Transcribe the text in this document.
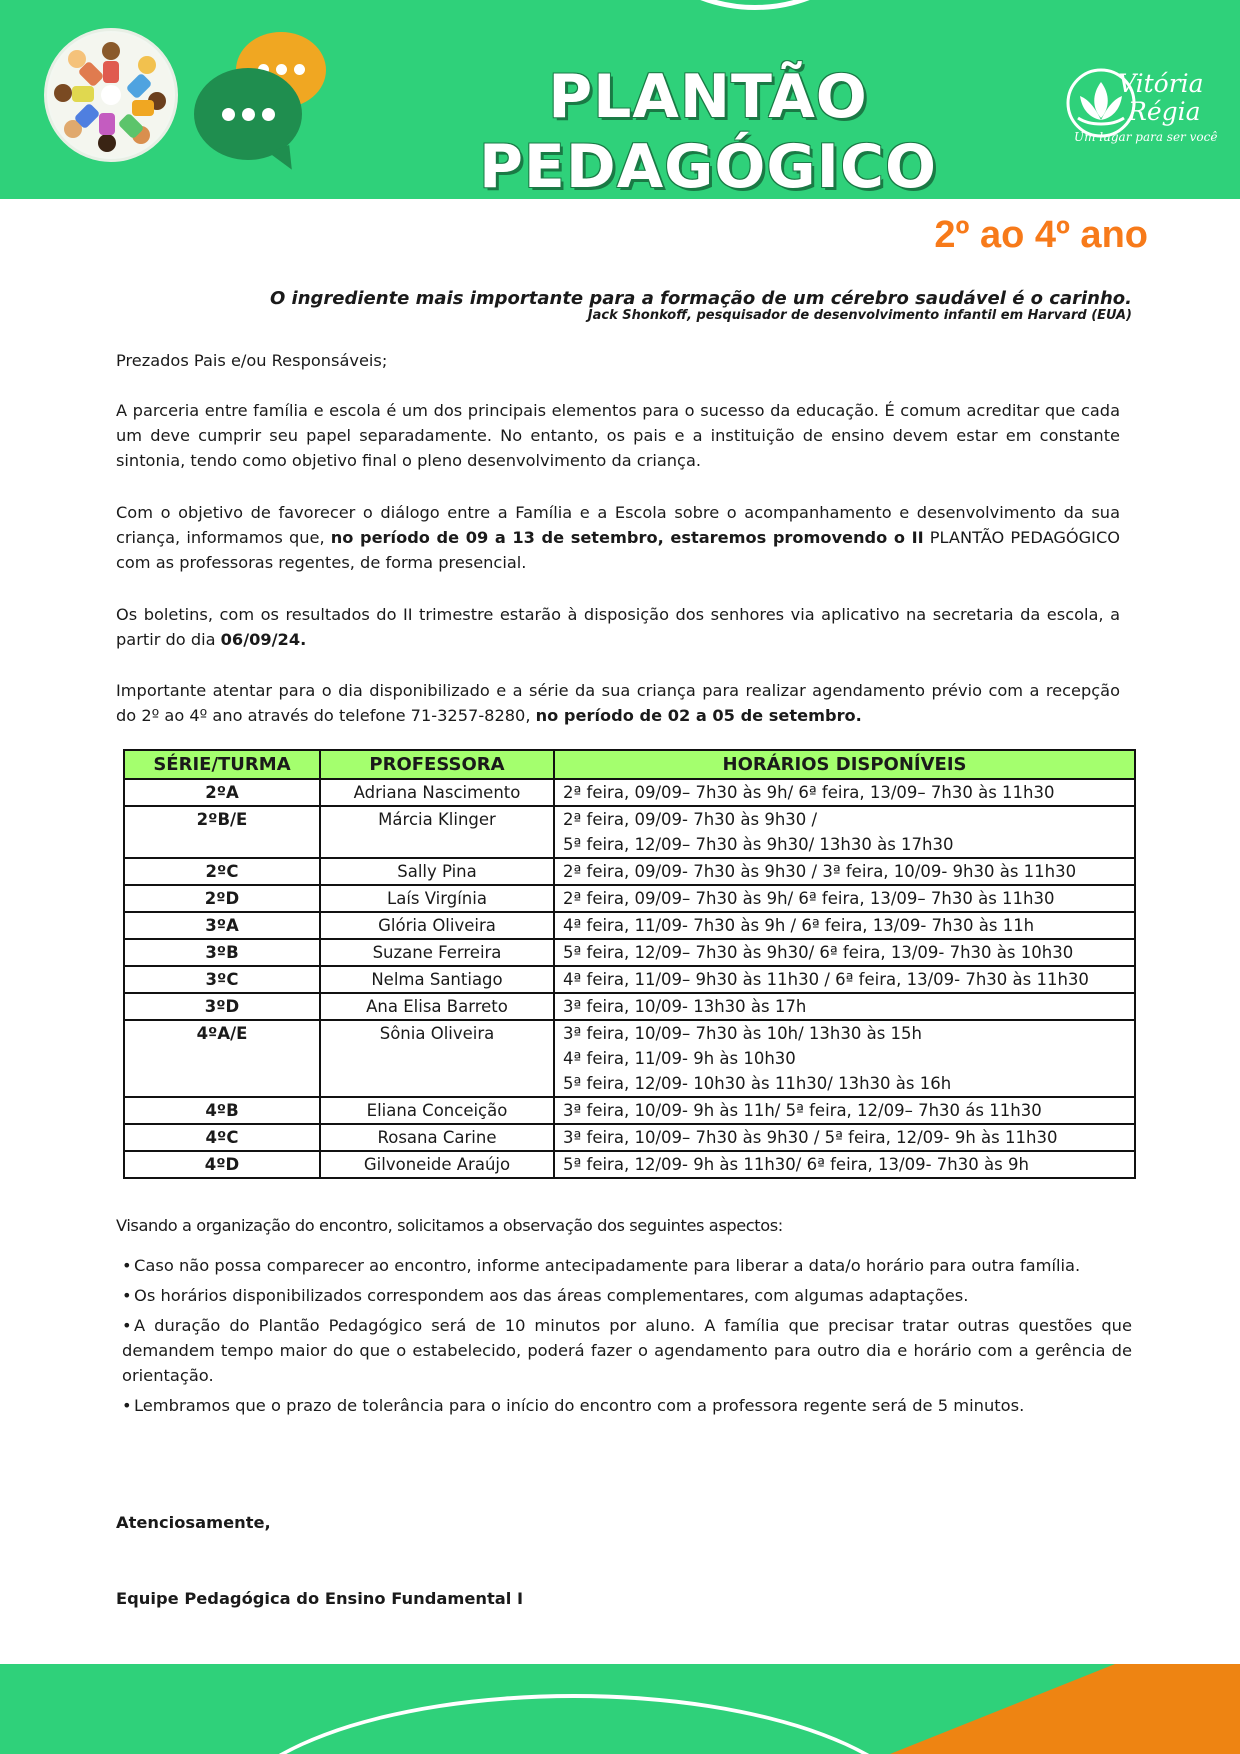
PLANTÃO PEDAGÓGICO
Vitória
Régia
Um lugar para ser você
2º ao 4º ano
O ingrediente mais importante para a formação de um cérebro saudável é o carinho.
Jack Shonkoff, pesquisador de desenvolvimento infantil em Harvard (EUA)
Prezados Pais e/ou Responsáveis;
A parceria entre família e escola é um dos principais elementos para o sucesso da educação. É comum acreditar que cada um deve cumprir seu papel separadamente. No entanto, os pais e a instituição de ensino devem estar em constante sintonia, tendo como objetivo final o pleno desenvolvimento da criança.
Com o objetivo de favorecer o diálogo entre a Família e a Escola sobre o acompanhamento e desenvolvimento da sua criança, informamos que, no período de 09 a 13 de setembro, estaremos promovendo o II PLANTÃO PEDAGÓGICO com as professoras regentes, de forma presencial.
Os boletins, com os resultados do II trimestre estarão à disposição dos senhores via aplicativo na secretaria da escola, a partir do dia 06/09/24.
Importante atentar para o dia disponibilizado e a série da sua criança para realizar agendamento prévio com a recepção do 2º ao 4º ano através do telefone 71-3257-8280, no período de 02 a 05 de setembro.
SÉRIE/TURMA	PROFESSORA	HORÁRIOS DISPONÍVEIS
2ºA	Adriana Nascimento	2ª feira, 09/09– 7h30 às 9h/ 6ª feira, 13/09– 7h30 às 11h30

2ºB/E	Márcia Klinger	2ª feira, 09/09- 7h30 às 9h30 /
5ª feira, 12/09– 7h30 às 9h30/ 13h30 às 17h30

2ºC	Sally Pina	2ª feira, 09/09- 7h30 às 9h30 / 3ª feira, 10/09- 9h30 às 11h30

2ºD	Laís Virgínia	2ª feira, 09/09– 7h30 às 9h/ 6ª feira, 13/09– 7h30 às 11h30

3ºA	Glória Oliveira	4ª feira, 11/09- 7h30 às 9h / 6ª feira, 13/09- 7h30 às 11h

3ºB	Suzane Ferreira	5ª feira, 12/09– 7h30 às 9h30/ 6ª feira, 13/09- 7h30 às 10h30

3ºC	Nelma Santiago	4ª feira, 11/09– 9h30 às 11h30 / 6ª feira, 13/09- 7h30 às 11h30

3ºD	Ana Elisa Barreto	3ª feira, 10/09- 13h30 às 17h

4ºA/E	Sônia Oliveira	3ª feira, 10/09– 7h30 às 10h/ 13h30 às 15h
4ª feira, 11/09- 9h às 10h30
5ª feira, 12/09- 10h30 às 11h30/ 13h30 às 16h

4ºB	Eliana Conceição	3ª feira, 10/09- 9h às 11h/ 5ª feira, 12/09– 7h30 ás 11h30

4ºC	Rosana Carine	3ª feira, 10/09– 7h30 às 9h30 / 5ª feira, 12/09- 9h às 11h30

4ºD	Gilvoneide Araújo	5ª feira, 12/09- 9h às 11h30/ 6ª feira, 13/09- 7h30 às 9h
Visando a organização do encontro, solicitamos a observação dos seguintes aspectos:
• Caso não possa comparecer ao encontro, informe antecipadamente para liberar a data/o horário para outra família.
• Os horários disponibilizados correspondem aos das áreas complementares, com algumas adaptações.
• A duração do Plantão Pedagógico será de 10 minutos por aluno. A família que precisar tratar outras questões que demandem tempo maior do que o estabelecido, poderá fazer o agendamento para outro dia e horário com a gerência de orientação.
• Lembramos que o prazo de tolerância para o início do encontro com a professora regente será de 5 minutos.
Atenciosamente,
Equipe Pedagógica do Ensino Fundamental I
